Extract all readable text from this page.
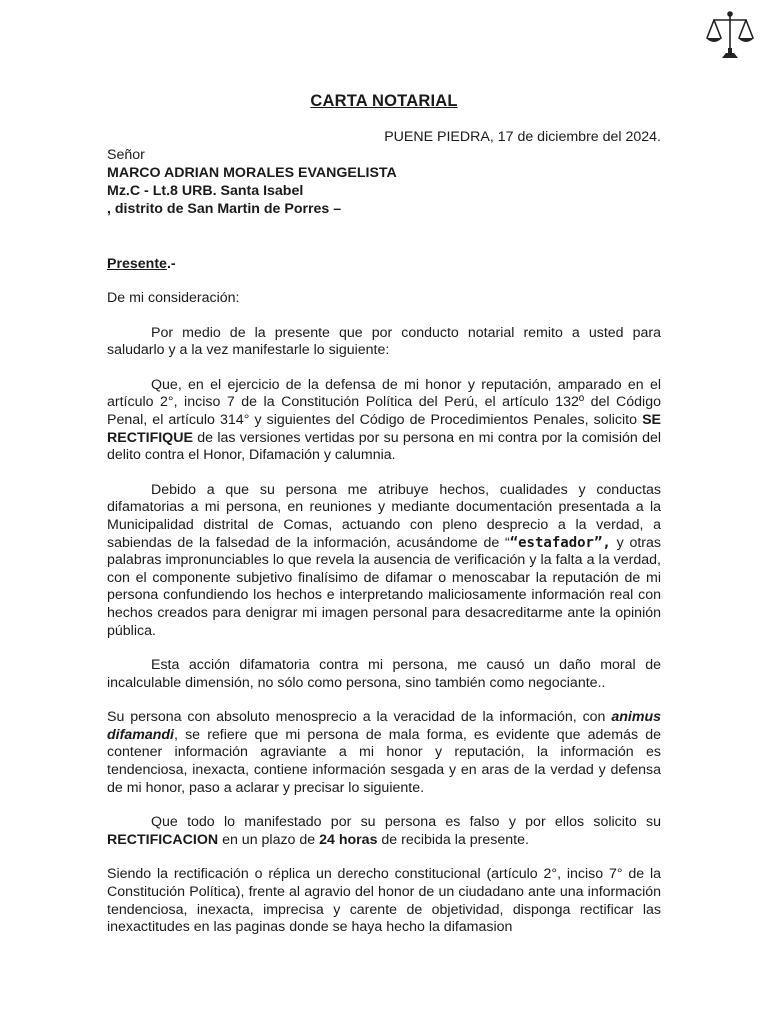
CARTA NOTARIAL
PUENE PIEDRA, 17 de diciembre del 2024.
Señor
MARCO ADRIAN MORALES EVANGELISTA
Mz.C - Lt.8 URB. Santa Isabel
, distrito de San Martin de Porres –
Presente.-

De mi consideración:

Por medio de la presente que por conducto notarial remito a usted para saludarlo y a la vez manifestarle lo siguiente:

Que, en el ejercicio de la defensa de mi honor y reputación, amparado en el artículo 2°, inciso 7 de la Constitución Política del Perú, el artículo 132º del Código Penal, el artículo 314° y siguientes del Código de Procedimientos Penales, solicito SE RECTIFIQUE de las versiones vertidas por su persona en mi contra por la comisión del delito contra el Honor, Difamación y calumnia.

Debido a que su persona me atribuye hechos, cualidades y conductas difamatorias a mi persona, en reuniones y mediante documentación presentada a la Municipalidad distrital de Comas, actuando con pleno desprecio a la verdad, a sabiendas de la falsedad de la información, acusándome de ““estafador”, y otras palabras impronunciables lo que revela la ausencia de verificación y la falta a la verdad, con el componente subjetivo finalísimo de difamar o menoscabar la reputación de mi persona confundiendo los hechos e interpretando maliciosamente información real con hechos creados para denigrar mi imagen personal para desacreditarme ante la opinión pública.

Esta acción difamatoria contra mi persona, me causó un daño moral de incalculable dimensión, no sólo como persona, sino también como negociante..

Su persona con absoluto menosprecio a la veracidad de la información, con animus difamandi, se refiere que mi persona de mala forma, es evidente que además de contener información agraviante a mi honor y reputación, la información es tendenciosa, inexacta, contiene información sesgada y en aras de la verdad y defensa de mi honor, paso a aclarar y precisar lo siguiente.

Que todo lo manifestado por su persona es falso y por ellos solicito su RECTIFICACION en un plazo de 24 horas de recibida la presente.

Siendo la rectificación o réplica un derecho constitucional (artículo 2°, inciso 7° de la Constitución Política), frente al agravio del honor de un ciudadano ante una información tendenciosa, inexacta, imprecisa y carente de objetividad, disponga rectificar las inexactitudes en las paginas donde se haya hecho la difamasion
